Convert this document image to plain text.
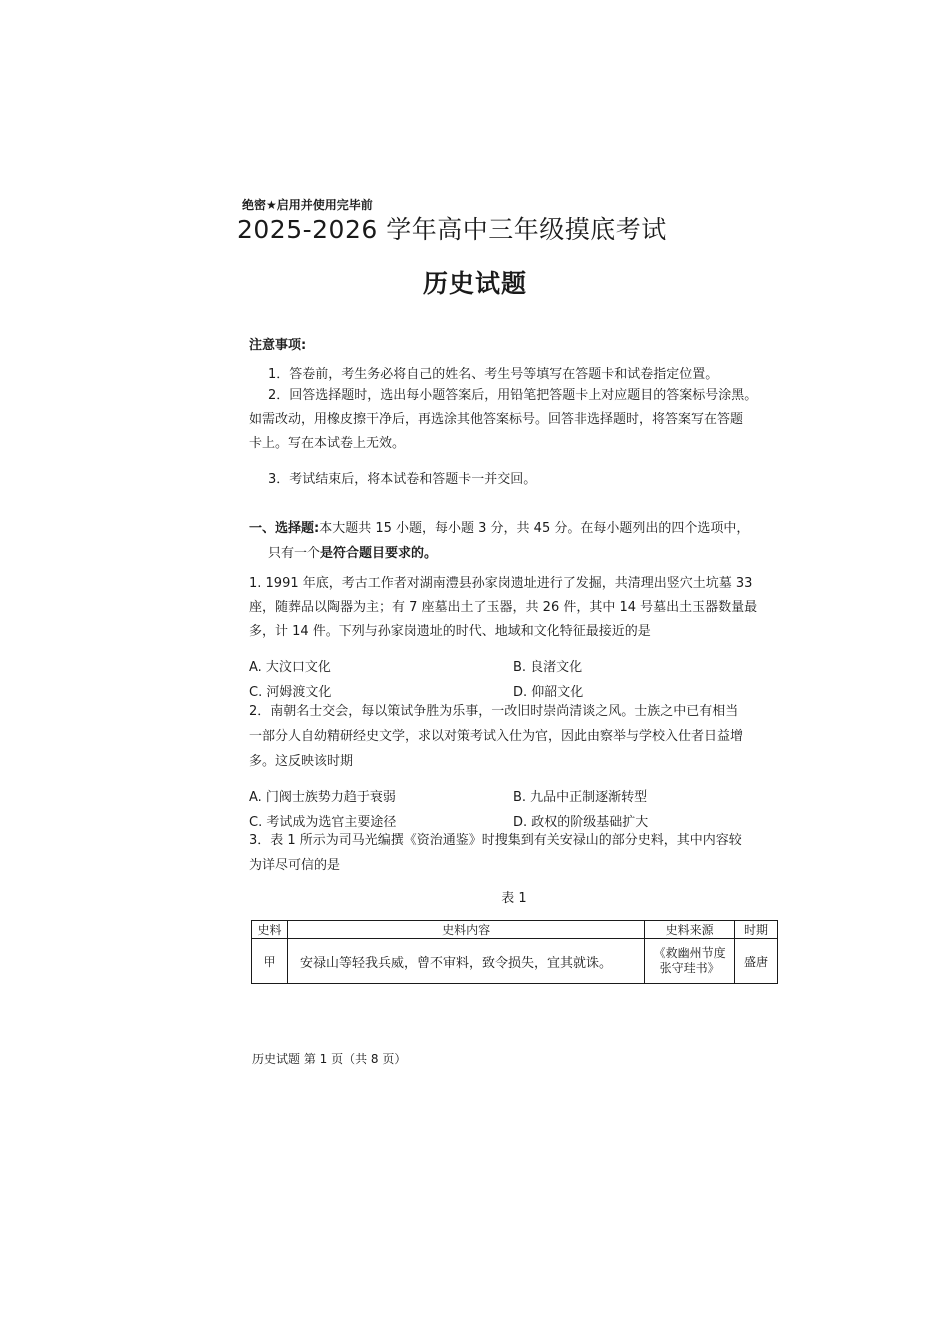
绝密★启用并使用完毕前
2025-2026 学年高中三年级摸底考试
历史试题
注意事项:
1．答卷前，考生务必将自己的姓名、考生号等填写在答题卡和试卷指定位置。
2．回答选择题时，选出每小题答案后，用铅笔把答题卡上对应题目的答案标号涂黑。
如需改动，用橡皮擦干净后，再选涂其他答案标号。回答非选择题时，将答案写在答题
卡上。写在本试卷上无效。
3．考试结束后，将本试卷和答题卡一并交回。
一、选择题:本大题共 15 小题，每小题 3 分，共 45 分。在每小题列出的四个选项中，
只有一个是符合题目要求的。
1. 1991 年底，考古工作者对湖南澧县孙家岗遗址进行了发掘，共清理出竖穴土坑墓 33
座，随葬品以陶器为主；有 7 座墓出土了玉器，共 26 件，其中 14 号墓出土玉器数量最
多，计 14 件。下列与孙家岗遗址的时代、地域和文化特征最接近的是
A. 大汶口文化	B. 良渚文化
C. 河姆渡文化	D. 仰韶文化
2．南朝名士交会，每以策试争胜为乐事，一改旧时崇尚清谈之风。士族之中已有相当
一部分人自幼精研经史文学，求以对策考试入仕为官，因此由察举与学校入仕者日益增
多。这反映该时期
A. 门阀士族势力趋于衰弱	B. 九品中正制逐渐转型
C. 考试成为选官主要途径	D. 政权的阶级基础扩大
3．表 1 所示为司马光编撰《资治通鉴》时搜集到有关安禄山的部分史料，其中内容较
为详尽可信的是
表 1
史料	史料内容	史料来源	时期
甲	安禄山等轻我兵威，曾不审料，致令损失，宜其就诛。	《救幽州节度
张守珪书》	盛唐
历史试题 第 1 页（共 8 页）
